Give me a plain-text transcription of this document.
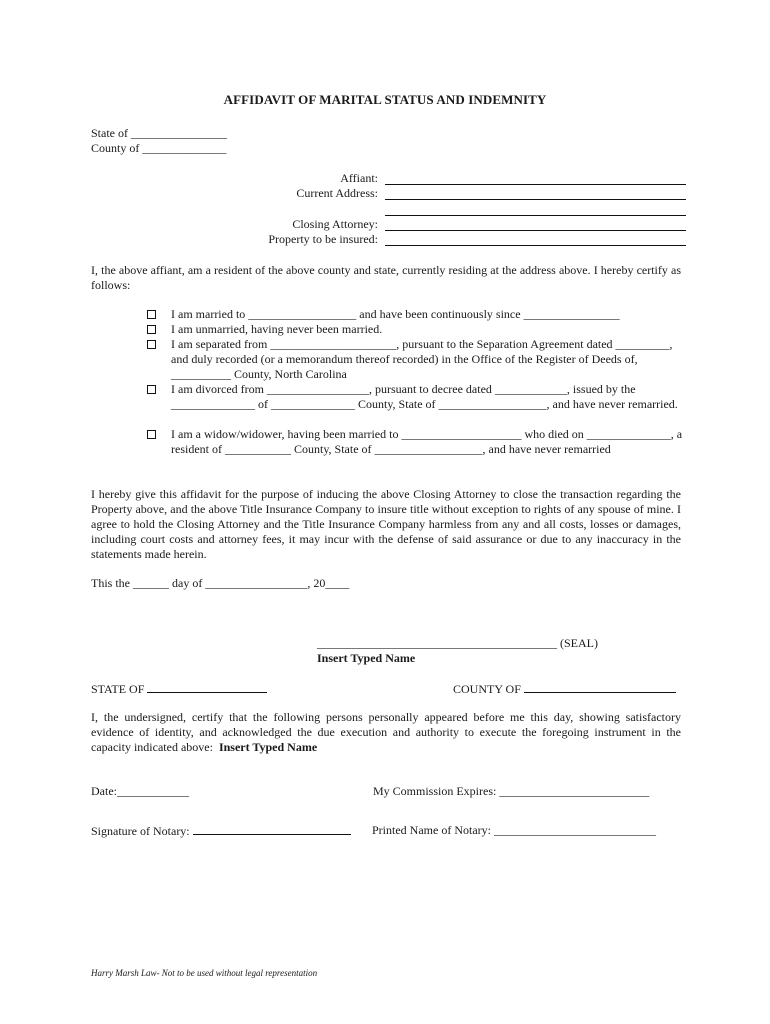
AFFIDAVIT OF MARITAL STATUS AND INDEMNITY
State of ________________
County of ______________
Affiant:
Current Address:
Closing Attorney:
Property to be insured:
I, the above affiant, am a resident of the above county and state, currently residing at the address above. I hereby certify as follows:
I am married to __________________ and have been continuously since ________________
I am unmarried, having never been married.
I am separated from _____________________, pursuant to the Separation Agreement dated _________, and duly recorded (or a memorandum thereof recorded) in the Office of the Register of Deeds of, __________ County, North Carolina
I am divorced from _________________, pursuant to decree dated ____________, issued by the ______________ of ______________ County, State of __________________, and have never remarried.
I am a widow/widower, having been married to ____________________ who died on ______________, a resident of ___________ County, State of __________________, and have never remarried
I hereby give this affidavit for the purpose of inducing the above Closing Attorney to close the transaction regarding the Property above, and the above Title Insurance Company to insure title without exception to rights of any spouse of mine. I agree to hold the Closing Attorney and the Title Insurance Company harmless from any and all costs, losses or damages, including court costs and attorney fees, it may incur with the defense of said assurance or due to any inaccuracy in the statements made herein.
This the ______ day of _________________, 20____
________________________________________ (SEAL)
Insert Typed Name
STATE OF	COUNTY OF
I, the undersigned, certify that the following persons personally appeared before me this day, showing satisfactory evidence of identity, and acknowledged the due execution and authority to execute the foregoing instrument in the capacity indicated above: Insert Typed Name
Date:____________	My Commission Expires: _________________________
Signature of Notary:	Printed Name of Notary: ___________________________
Harry Marsh Law- Not to be used without legal representation
